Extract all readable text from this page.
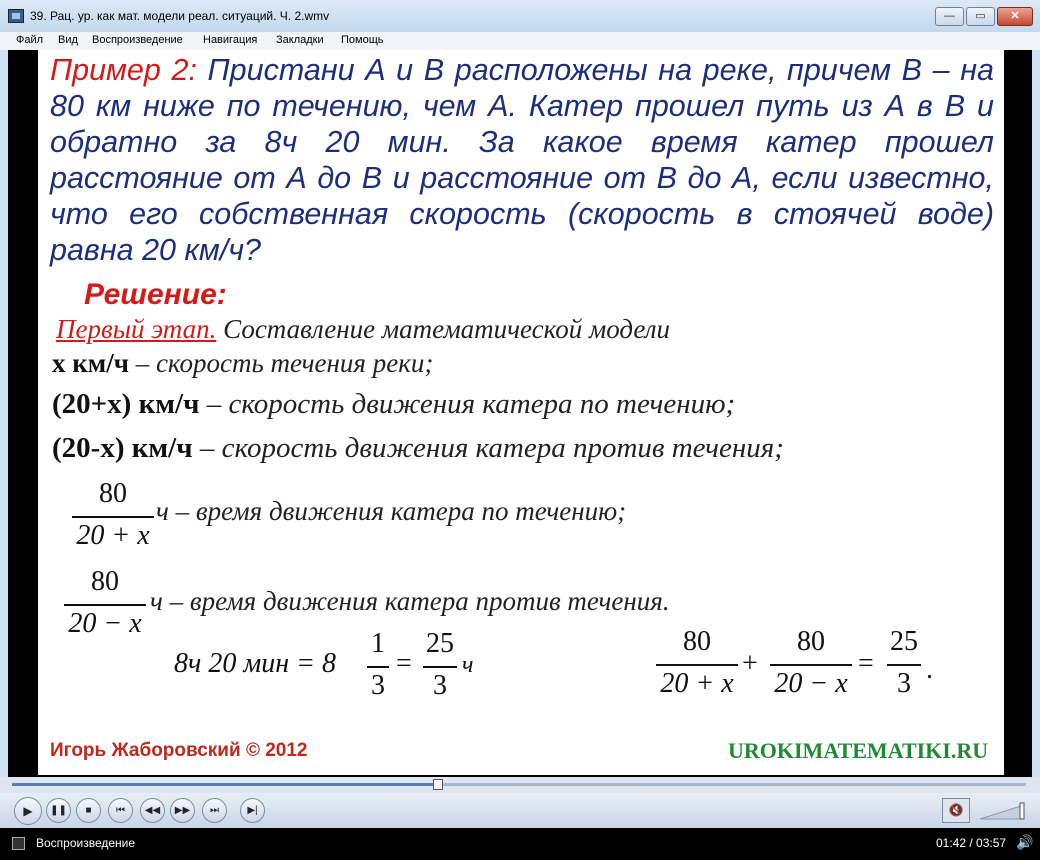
39. Рац. ур. как мат. модели реал. ситуаций. Ч. 2.wmv	—	▭	✕
Файл Вид Воспроизведение Навигация Закладки Помощь
Пример 2: Пристани А и В расположены на реке, причем В – на 80 км ниже по течению, чем А. Катер прошел путь из А в В и обратно за 8ч 20 мин. За какое время катер прошел расстояние от А до В и расстояние от В до А, если известно, что его собственная скорость (скорость в стоячей воде) равна 20 км/ч?
Решение:
Первый этап. Составление математической модели
x км/ч – скорость течения реки;
(20+x) км/ч – скорость движения катера по течению;
(20-x) км/ч – скорость движения катера против течения;
80
20 + x
ч – время движения катера по течению;
80
20 − x
ч – время движения катера против течения.
8ч 20 мин = 8
1
3
=
25
3
ч
80
20 + x
+
80
20 − x
=
25
3 .
Игорь Жаборовский © 2012	UROKIMATEMATIKI.RU
▶	❚❚	■	⏮	◀◀	▶▶	⏭	▶|	🔇
Воспроизведение	01:42 / 03:57 🔊
